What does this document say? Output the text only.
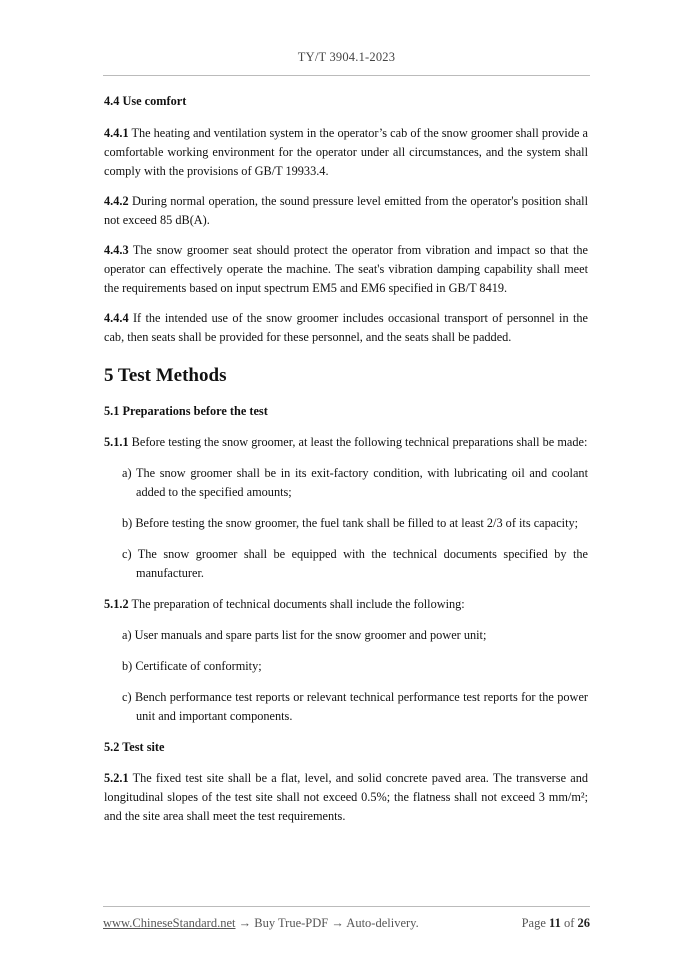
TY/T 3904.1-2023

4.4 Use comfort

4.4.1 The heating and ventilation system in the operator’s cab of the snow groomer shall provide a comfortable working environment for the operator under all circumstances, and the system shall comply with the provisions of GB/T 19933.4.

4.4.2 During normal operation, the sound pressure level emitted from the operator's position shall not exceed 85 dB(A).

4.4.3 The snow groomer seat should protect the operator from vibration and impact so that the operator can effectively operate the machine. The seat's vibration damping capability shall meet the requirements based on input spectrum EM5 and EM6 specified in GB/T 8419.

4.4.4 If the intended use of the snow groomer includes occasional transport of personnel in the cab, then seats shall be provided for these personnel, and the seats shall be padded.

5 Test Methods

5.1 Preparations before the test

5.1.1 Before testing the snow groomer, at least the following technical preparations shall be made:

a) The snow groomer shall be in its exit-factory condition, with lubricating oil and coolant added to the specified amounts;

b) Before testing the snow groomer, the fuel tank shall be filled to at least 2/3 of its capacity;

c) The snow groomer shall be equipped with the technical documents specified by the manufacturer.

5.1.2 The preparation of technical documents shall include the following:

a) User manuals and spare parts list for the snow groomer and power unit;

b) Certificate of conformity;

c) Bench performance test reports or relevant technical performance test reports for the power unit and important components.

5.2 Test site

5.2.1 The fixed test site shall be a flat, level, and solid concrete paved area. The transverse and longitudinal slopes of the test site shall not exceed 0.5%; the flatness shall not exceed 3 mm/m²; and the site area shall meet the test requirements.

www.ChineseStandard.net → Buy True-PDF → Auto-delivery.	Page 11 of 26
